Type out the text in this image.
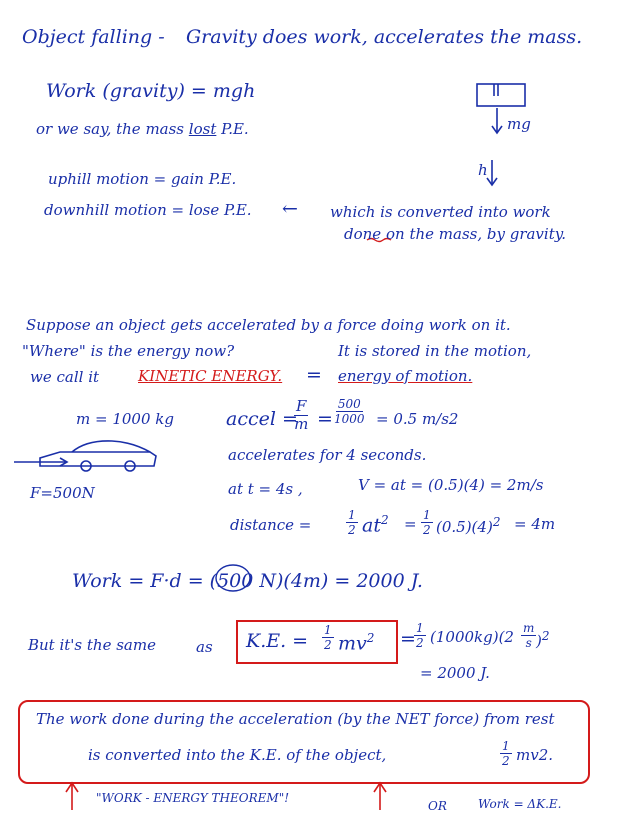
Object falling - Gravity does work, accelerates the mass.
Work (gravity) = mgh
or we say, the mass lost P.E.	mg
h
uphill motion = gain P.E.
downhill motion = lose P.E. ← which is converted into work
done on the mass, by gravity.
Suppose an object gets accelerated by a force doing work on it.
"Where" is the energy now?	It is stored in the motion,
we call it	KINETIC ENERGY. = energy of motion.
m = 1000 kg	accel =
$\frac{F}{m} = \frac{500}{1000} = 0.5$ m/s2
accelerates for 4 seconds.
F=500N	at t = 4s ,	V = at = (0.5)(4) = 2m/s
distance =	$\frac{1}{2} at^2 = \frac{1}{2} (0.5)(4)^2 = 4m$
Work = F·d = (500 N)(4m) = 2000 J.
But it's the same	as K.E. = $\frac{1}{2} mv^2$ =
$\frac{1}{2} (1000kg)(2 \frac{m}{s} )^2$
= 2000 J.
The work done during the acceleration (by the NET force) from rest
is converted into the K.E. of the object,	$\frac{1}{2} mv2$.
"WORK - ENERGY THEOREM"!
OR	Work = ΔK.E.
